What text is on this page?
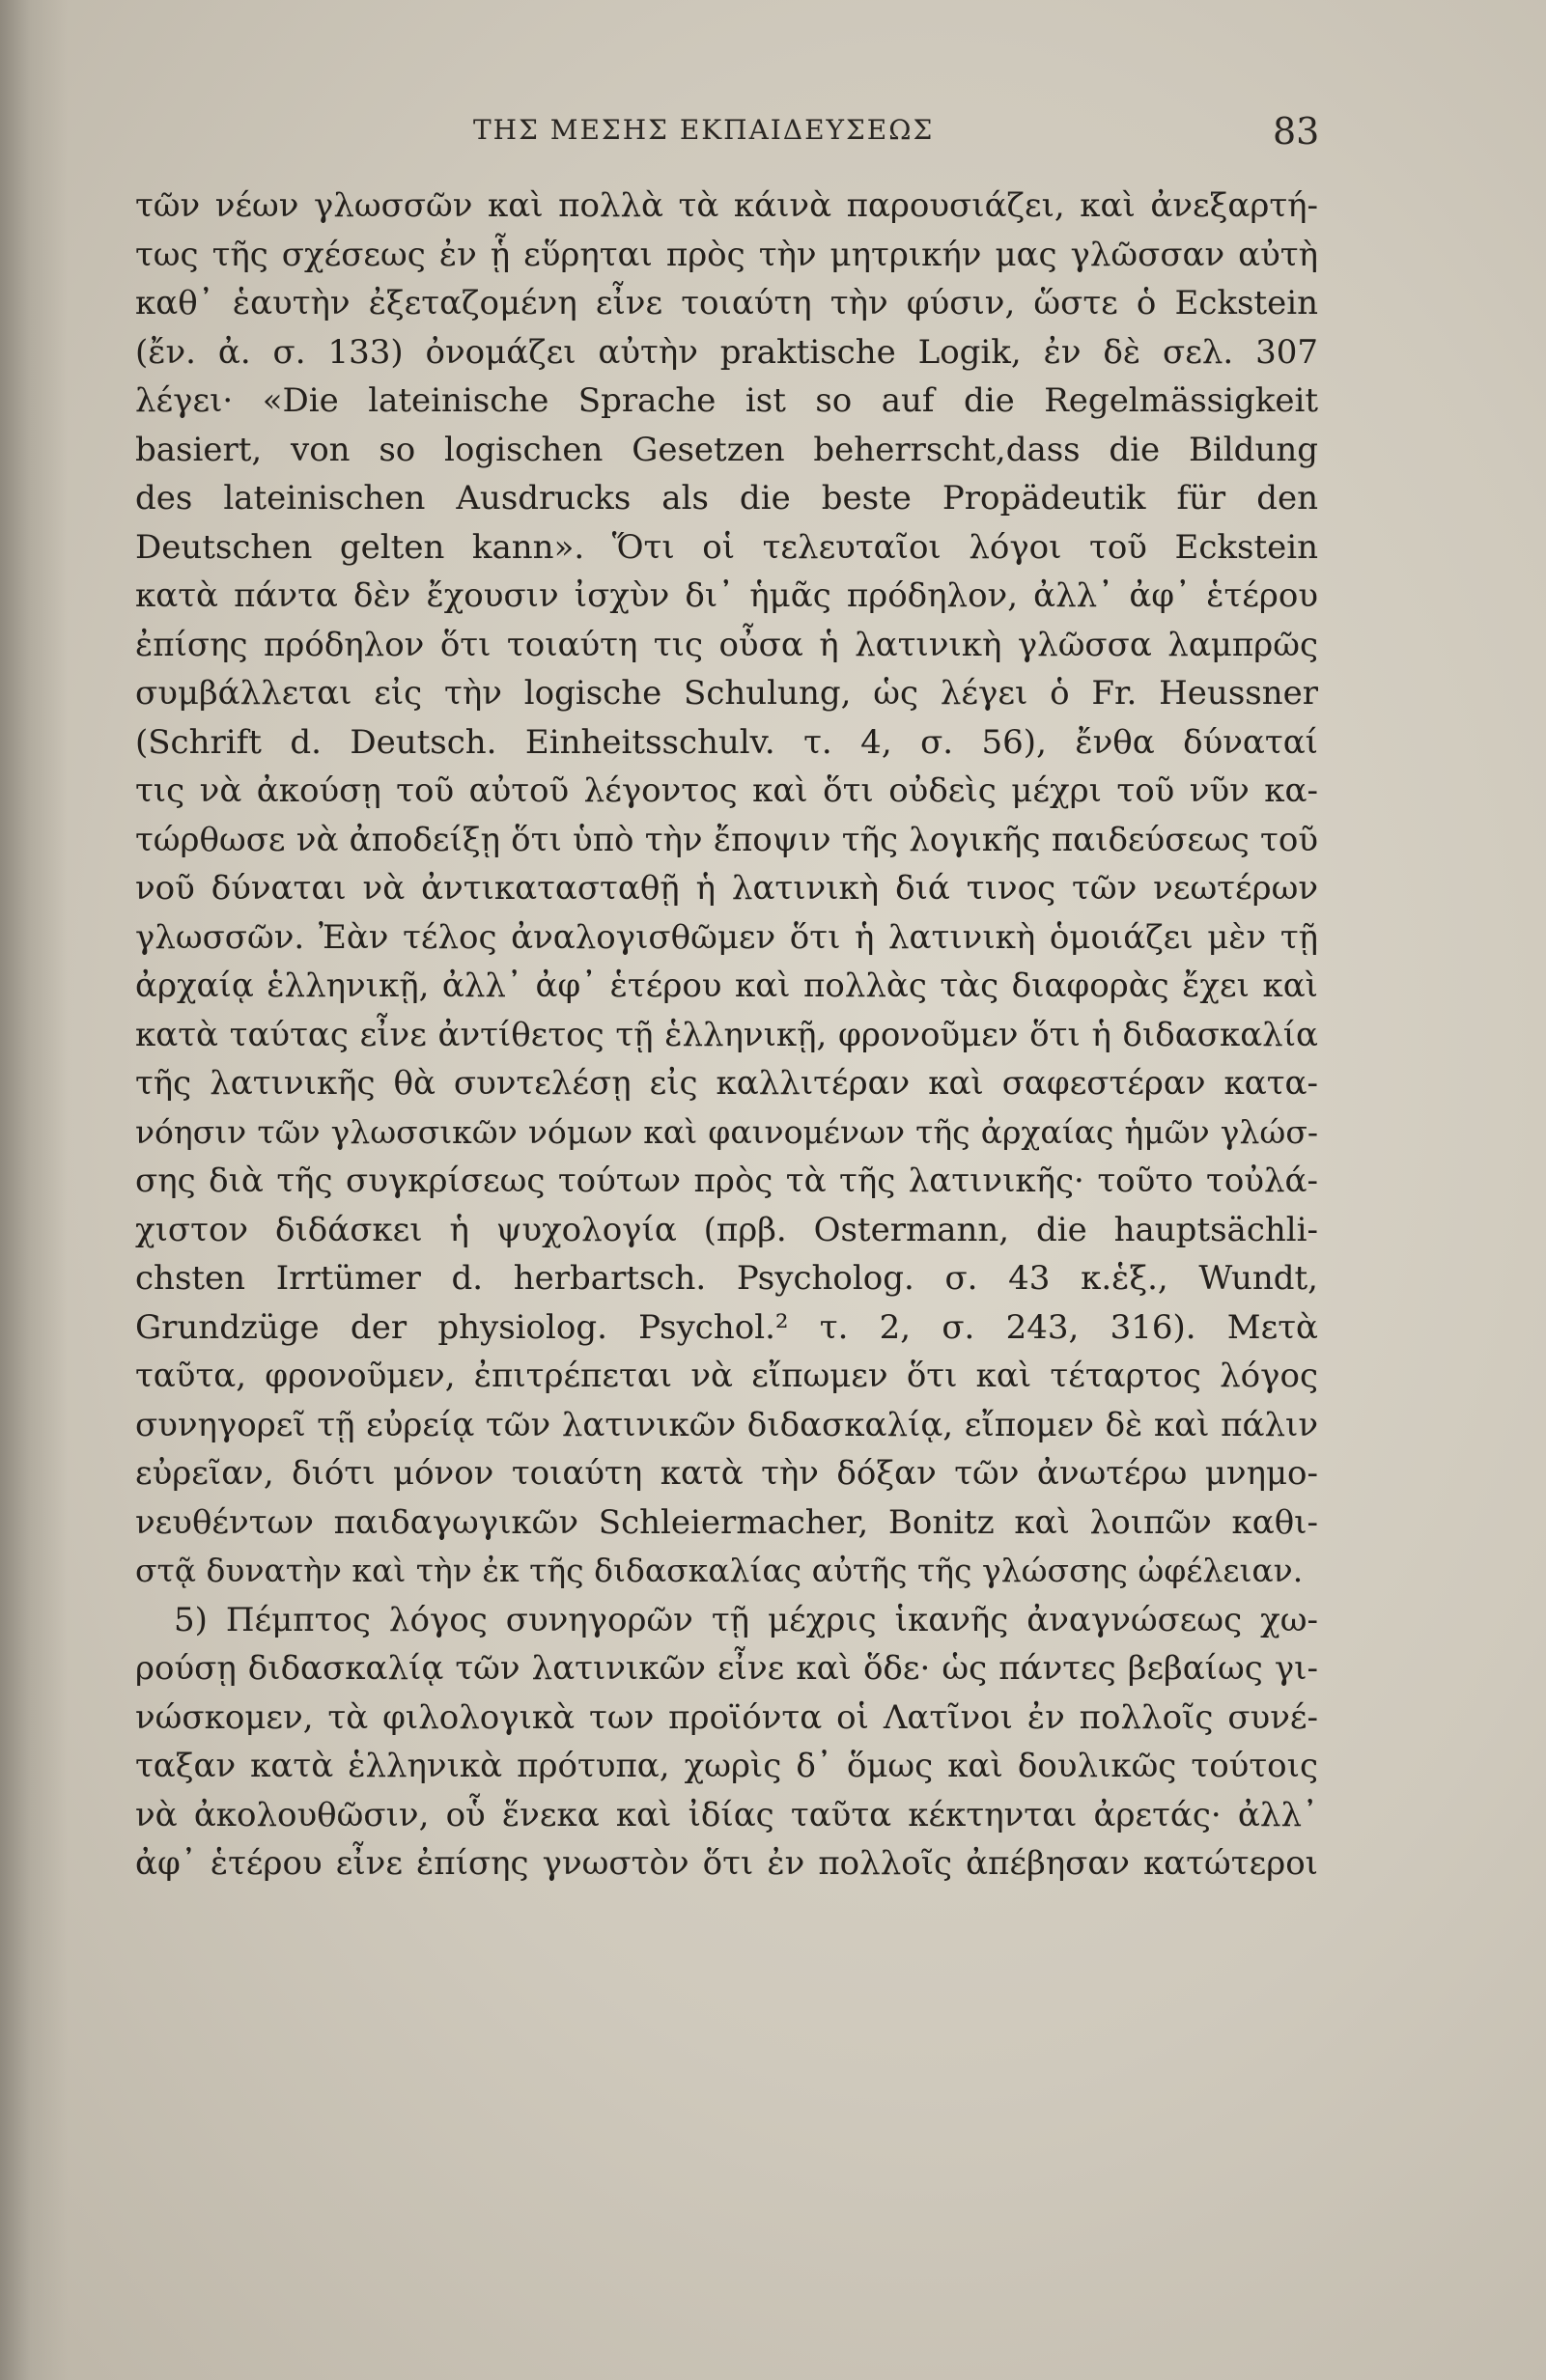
ΤΗΣ ΜΕΣΗΣ ΕΚΠΑΙΔΕΥΣΕΩΣ	83
τῶν νέων γλωσσῶν καὶ πολλὰ τὰ κάινὰ παρουσιάζει, καὶ ἀνεξαρτή-
τως τῆς σχέσεως ἐν ᾗ εὕρηται πρὸς τὴν μητρικήν μας γλῶσσαν αὐτὴ
καθ᾽ ἑαυτὴν ἐξεταζομένη εἶνε τοιαύτη τὴν φύσιν, ὥστε ὁ Eckstein
(ἔν. ἀ. σ. 133) ὀνομάζει αὐτὴν praktische Logik, ἐν δὲ σελ. 307
λέγει· «Die lateinische Sprache ist so auf die Regelmässigkeit
basiert, von so logischen Gesetzen beherrscht,dass die Bildung
des lateinischen Ausdrucks als die beste Propädeutik für den
Deutschen gelten kann». Ὅτι οἱ τελευταῖοι λόγοι τοῦ Eckstein
κατὰ πάντα δὲν ἔχουσιν ἰσχὺν δι᾽ ἡμᾶς πρόδηλον, ἀλλ᾽ ἀφ᾽ ἑτέρου
ἐπίσης πρόδηλον ὅτι τοιαύτη τις οὖσα ἡ λατινικὴ γλῶσσα λαμπρῶς
συμβάλλεται εἰς τὴν logische Schulung, ὡς λέγει ὁ Fr. Heussner
(Schrift d. Deutsch. Einheitsschulv. τ. 4, σ. 56), ἔνθα δύναταί
τις νὰ ἀκούσῃ τοῦ αὐτοῦ λέγοντος καὶ ὅτι οὐδεὶς μέχρι τοῦ νῦν κα-
τώρθωσε νὰ ἀποδείξῃ ὅτι ὑπὸ τὴν ἔποψιν τῆς λογικῆς παιδεύσεως τοῦ
νοῦ δύναται νὰ ἀντικατασταθῇ ἡ λατινικὴ διά τινος τῶν νεωτέρων
γλωσσῶν. Ἐὰν τέλος ἀναλογισθῶμεν ὅτι ἡ λατινικὴ ὁμοιάζει μὲν τῇ
ἀρχαίᾳ ἑλληνικῇ, ἀλλ᾽ ἀφ᾽ ἑτέρου καὶ πολλὰς τὰς διαφορὰς ἔχει καὶ
κατὰ ταύτας εἶνε ἀντίθετος τῇ ἑλληνικῇ, φρονοῦμεν ὅτι ἡ διδασκαλία
τῆς λατινικῆς θὰ συντελέσῃ εἰς καλλιτέραν καὶ σαφεστέραν κατα-
νόησιν τῶν γλωσσικῶν νόμων καὶ φαινομένων τῆς ἀρχαίας ἡμῶν γλώσ-
σης διὰ τῆς συγκρίσεως τούτων πρὸς τὰ τῆς λατινικῆς· τοῦτο τοὐλά-
χιστον διδάσκει ἡ ψυχολογία (πρβ. Ostermann, die hauptsächli-
chsten Irrtümer d. herbartsch. Psycholog. σ. 43 κ.ἑξ., Wundt,
Grundzüge der physiolog. Psychol.² τ. 2, σ. 243, 316). Μετὰ
ταῦτα, φρονοῦμεν, ἐπιτρέπεται νὰ εἴπωμεν ὅτι καὶ τέταρτος λόγος
συνηγορεῖ τῇ εὐρείᾳ τῶν λατινικῶν διδασκαλίᾳ, εἴπομεν δὲ καὶ πάλιν
εὐρεῖαν, διότι μόνον τοιαύτη κατὰ τὴν δόξαν τῶν ἀνωτέρω μνημο-
νευθέντων παιδαγωγικῶν Schleiermacher, Bonitz καὶ λοιπῶν καθι-
στᾷ δυνατὴν καὶ τὴν ἐκ τῆς διδασκαλίας αὐτῆς τῆς γλώσσης ὠφέλειαν.
5) Πέμπτος λόγος συνηγορῶν τῇ μέχρις ἱκανῆς ἀναγνώσεως χω-
ρούσῃ διδασκαλίᾳ τῶν λατινικῶν εἶνε καὶ ὅδε· ὡς πάντες βεβαίως γι-
νώσκομεν, τὰ φιλολογικὰ των προϊόντα οἱ Λατῖνοι ἐν πολλοῖς συνέ-
ταξαν κατὰ ἑλληνικὰ πρότυπα, χωρὶς δ᾽ ὅμως καὶ δουλικῶς τούτοις
νὰ ἀκολουθῶσιν, οὗ ἕνεκα καὶ ἰδίας ταῦτα κέκτηνται ἀρετάς· ἀλλ᾽
ἀφ᾽ ἑτέρου εἶνε ἐπίσης γνωστὸν ὅτι ἐν πολλοῖς ἀπέβησαν κατώτεροι
